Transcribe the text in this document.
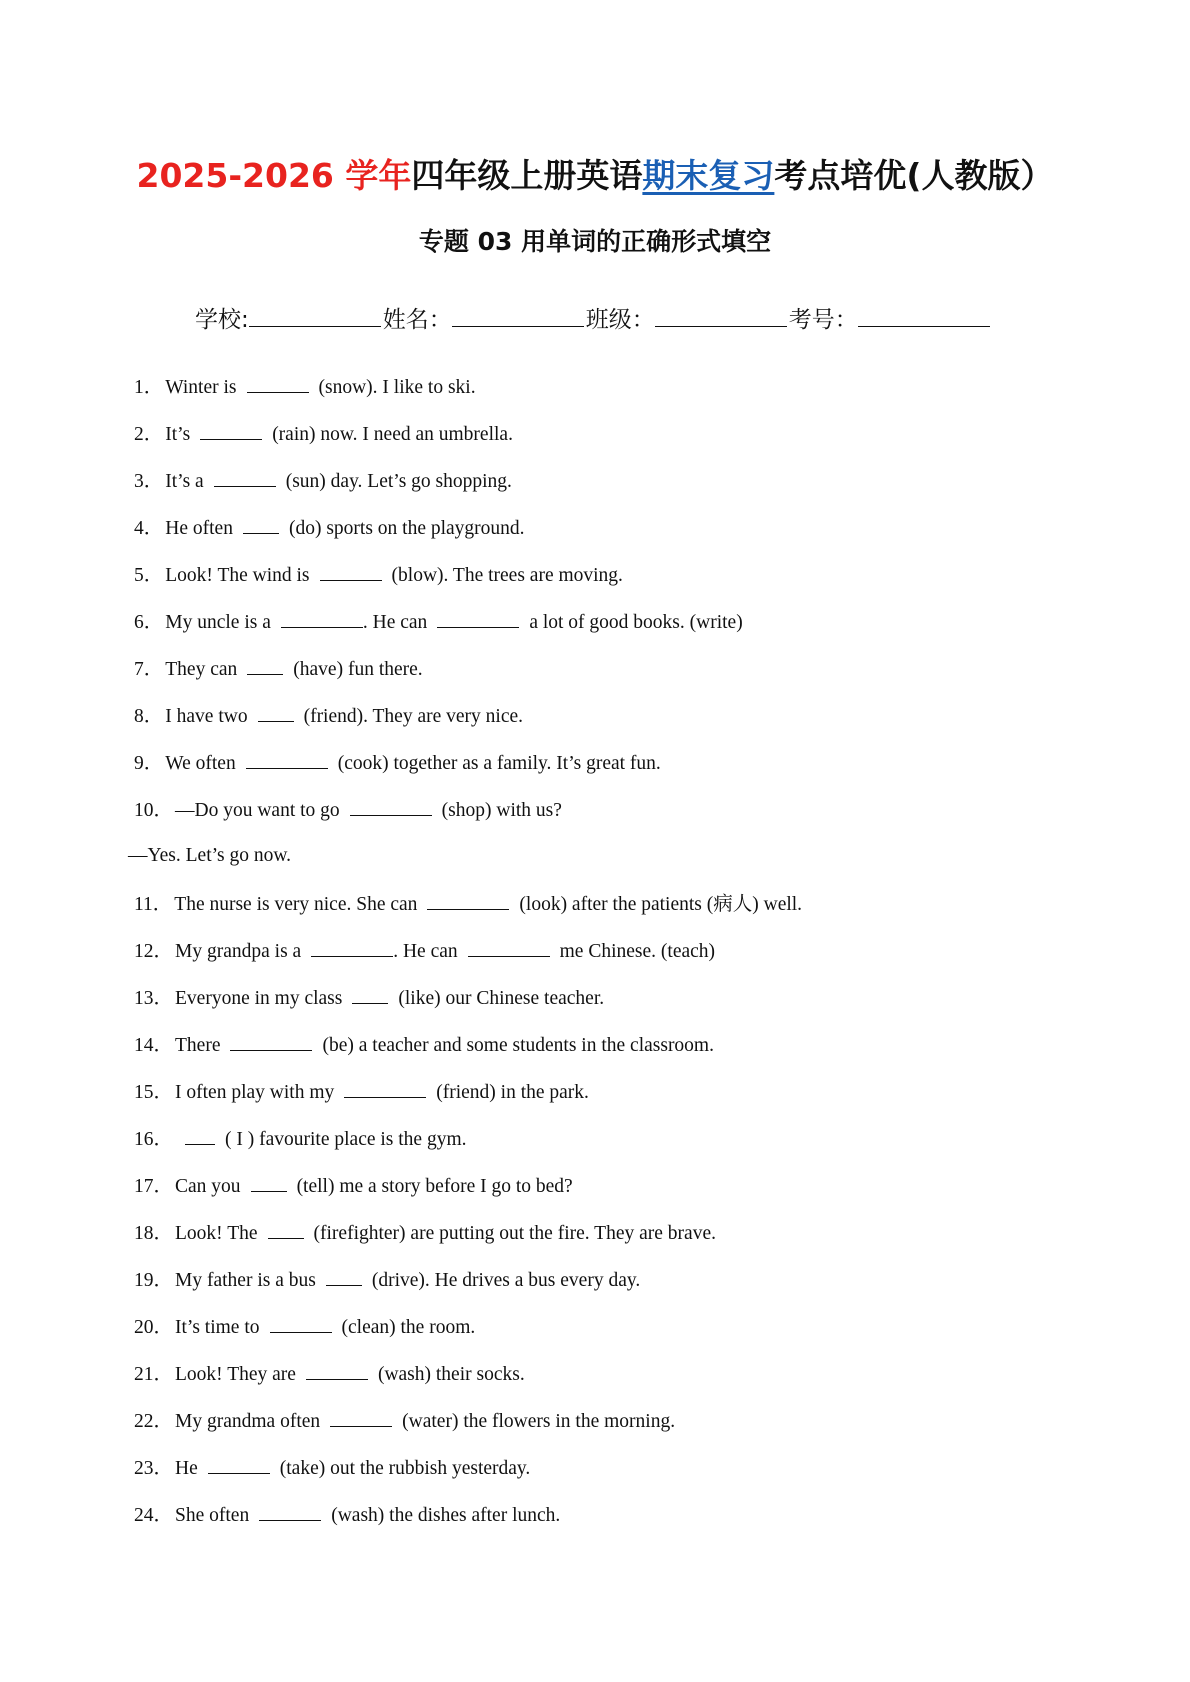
2025-2026 学年四年级上册英语期末复习考点培优(人教版）
专题 03 用单词的正确形式填空
学校:	姓名：	班级：	考号：
1． Winter is	(snow). I like to ski.
2． It’s	(rain) now. I need an umbrella.
3． It’s a	(sun) day. Let’s go shopping.
4． He often	(do) sports on the playground.
5． Look! The wind is	(blow). The trees are moving.
6． My uncle is a	. He can	a lot of good books. (write)
7． They can	(have) fun there.
8． I have two	(friend). They are very nice.
9． We often	(cook) together as a family. It’s great fun.
10． —Do you want to go	(shop) with us?
—Yes. Let’s go now.
11． The nurse is very nice. She can	(look) after the patients (病人) well.
12． My grandpa is a	. He can	me Chinese. (teach)
13． Everyone in my class	(like) our Chinese teacher.
14． There	(be) a teacher and some students in the classroom.
15． I often play with my	(friend) in the park.
16．	( I ) favourite place is the gym.
17． Can you	(tell) me a story before I go to bed?
18． Look! The	(firefighter) are putting out the fire. They are brave.
19． My father is a bus	(drive). He drives a bus every day.
20． It’s time to	(clean) the room.
21． Look! They are	(wash) their socks.
22． My grandma often	(water) the flowers in the morning.
23． He	(take) out the rubbish yesterday.
24． She often	(wash) the dishes after lunch.
